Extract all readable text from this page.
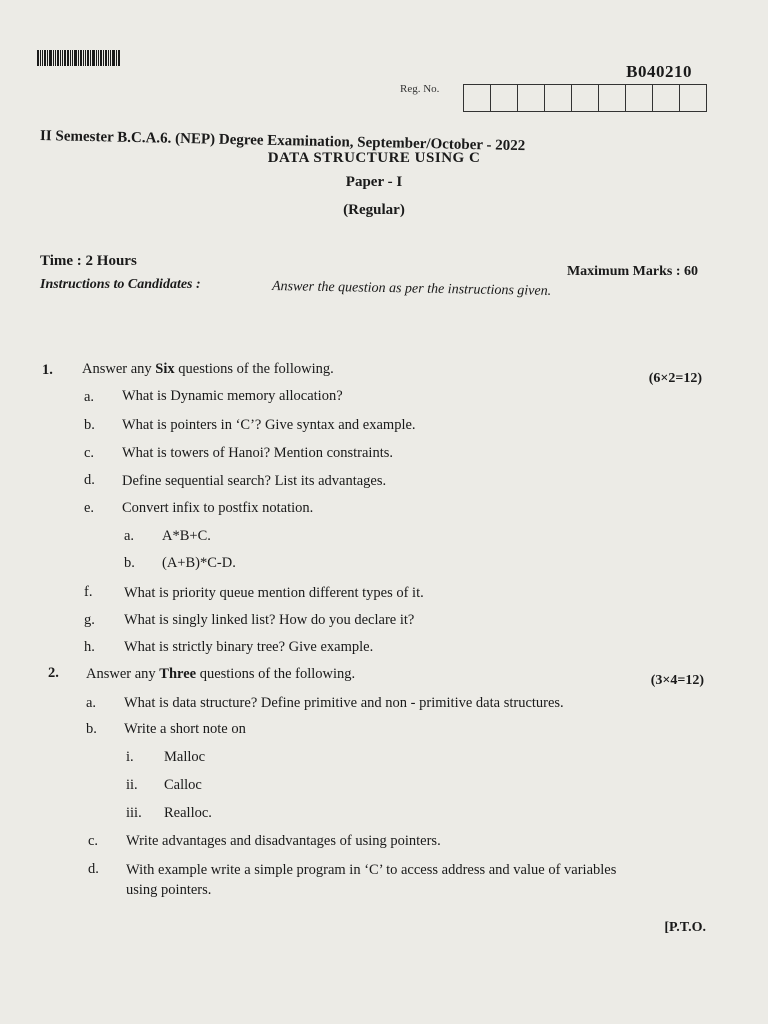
B040210
Reg. No.
II Semester B.C.A.6. (NEP) Degree Examination, September/October - 2022
DATA STRUCTURE USING C
Paper - I
(Regular)
Time : 2 Hours
Maximum Marks : 60
Instructions to Candidates :	Answer the question as per the instructions given.
1. Answer any Six questions of the following.
(6×2=12)
a. What is Dynamic memory allocation?
b. What is pointers in ‘C’? Give syntax and example.
c. What is towers of Hanoi? Mention constraints.
d. Define sequential search? List its advantages.
e. Convert infix to postfix notation.
a. A*B+C.
b. (A+B)*C-D.
f. What is priority queue mention different types of it.
g. What is singly linked list? How do you declare it?
h. What is strictly binary tree? Give example.
2. Answer any Three questions of the following.	(3×4=12)
a. What is data structure? Define primitive and non - primitive data structures.
b. Write a short note on
i. Malloc
ii. Calloc
iii. Realloc.
c. Write advantages and disadvantages of using pointers.
d. With example write a simple program in ‘C’ to access address and value of variables
using pointers.
[P.T.O.
